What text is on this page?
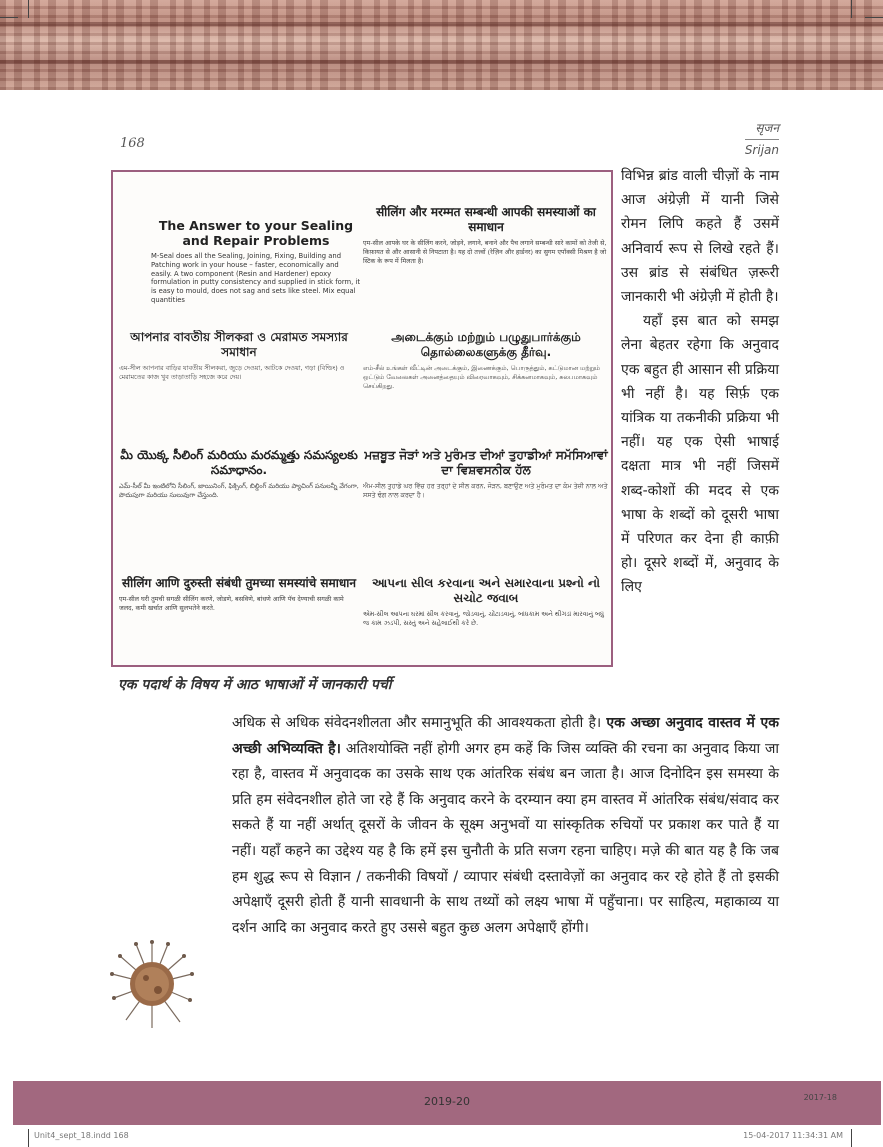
168
सृजन
Srijan
The Answer to your Sealing and Repair Problems
M-Seal does all the Sealing, Joining, Fixing, Building and Patching work in your house – faster, economically and easily. A two component (Resin and Hardener) epoxy formulation in putty consistency and supplied in stick form, it is easy to mould, does not sag and sets like steel. Mix equal quantities
सीलिंग और मरम्मत सम्बन्धी आपकी समस्याओं का समाधान
एम-सील आपके घर के सीलिंग करने, जोड़ने, लगाने, बनाने और पैच लगाने सम्बन्धी सारे कामों को तेजी से, किफ़ायत से और आसानी से निपटाता है। यह दो तत्त्वों (रेज़िन और हार्डनर) का सुगम एपॉक्सी मिश्रण है जो स्टिक के रूप में मिलता है।
আপনার বাবতীয় সীলকরা ও মেরামত সমস্যার সমাধান
এম-সীল আপনার বাড়ির যাবতীয় সীলকরা, জুড়ে দেওয়া, আটকে দেওয়া, গড়া (বিল্ডিং) ও মেরামতের কাজ খুব তাড়াতাড়ি সহজে করে দেয়।
அடைக்கும் மற்றும் பழுதுபார்க்கும் தொல்லைகளுக்கு தீர்வு.
எம்-சீல் உங்கள் வீட்டின் அடைக்கும், இணைக்கும், பொருத்தும், கட்டுமான மற்றும் ஒட்டும் வேலைகள் அனைத்தையும் விரைவாகவும், சிக்கனமாகவும், சுலபமாகவும் செய்கிறது.
మీ యొక్క సీలింగ్ మరియు మరమ్మత్తు సమస్యలకు సమాధానం.
ఎమ్-సీల్ మీ ఇంటిలోని సీలింగ్, జాయినింగ్, ఫిక్సింగ్, బిల్డింగ్ మరియు ప్యాచింగ్ పనులన్నీ వేగంగా, పొదుపుగా మరియు సులువుగా చేస్తుంది.
ਮਜ਼ਬੂਤ ਜੋੜਾਂ ਅਤੇ ਮੁਰੰਮਤ ਦੀਆਂ ਤੁਹਾਡੀਆਂ ਸਮੱਸਿਆਵਾਂ ਦਾ ਵਿਸ਼ਵਸਨੀਕ ਹੱਲ
ਐਮ-ਸੀਲ ਤੁਹਾਡੇ ਘਰ ਵਿੱਚ ਹਰ ਤਰ੍ਹਾਂ ਦੇ ਸੀਲ ਕਰਨ, ਜੋੜਨ, ਬਣਾਉਣ ਅਤੇ ਮੁਰੰਮਤ ਦਾ ਕੰਮ ਤੇਜ਼ੀ ਨਾਲ ਅਤੇ ਸਸਤੇ ਢੰਗ ਨਾਲ ਕਰਦਾ ਹੈ।
सीलिंग आणि दुरुस्ती संबंधी तुमच्या समस्यांचे समाधान
एम-सील घरी तुमची सगळी सीलिंग करणे, जोडणे, बसविणे, बांधणे आणि पॅच देण्याची सगळी कामे जलद, कमी खर्चात आणि सुलभतेने करते.
આપના સીલ કરવાના અને સમારવાના પ્રશ્નો નો સચોટ જવાબ
એમ-સીલ આપના ઘરમાં સીલ કરવાનું, જોડવાનું, ચોંટાડવાનું, બાંધકામ અને થીગડાં મારવાનું બધું જ કામ ઝડપી, સસ્તું અને સહેલાઈથી કરે છે.
एक पदार्थ के विषय में आठ भाषाओं में जानकारी पर्ची

विभिन्न ब्रांड वाली चीज़ों के नाम आज अंग्रेज़ी में यानी जिसे रोमन लिपि कहते हैं उसमें अनिवार्य रूप से लिखे रहते हैं। उस ब्रांड से संबंधित ज़रूरी जानकारी भी अंग्रेज़ी में होती है।

यहाँ इस बात को समझ लेना बेहतर रहेगा कि अनुवाद एक बहुत ही आसान सी प्रक्रिया भी नहीं है। यह सिर्फ़ एक यांत्रिक या तकनीकी प्रक्रिया भी नहीं। यह एक ऐसी भाषाई दक्षता मात्र भी नहीं जिसमें शब्द-कोशों की मदद से एक भाषा के शब्दों को दूसरी भाषा में परिणत कर देना ही काफ़ी हो। दूसरे शब्दों में, अनुवाद के लिए

अधिक से अधिक संवेदनशीलता और समानुभूति की आवश्यकता होती है। एक अच्छा अनुवाद वास्तव में एक अच्छी अभिव्यक्ति है। अतिशयोक्ति नहीं होगी अगर हम कहें कि जिस व्यक्ति की रचना का अनुवाद किया जा रहा है, वास्तव में अनुवादक का उसके साथ एक आंतरिक संबंध बन जाता है। आज दिनोदिन इस समस्या के प्रति हम संवेदनशील होते जा रहे हैं कि अनुवाद करने के दरम्यान क्या हम वास्तव में आंतरिक संबंध/संवाद कर सकते हैं या नहीं अर्थात् दूसरों के जीवन के सूक्ष्म अनुभवों या सांस्कृतिक रुचियों पर प्रकाश कर पाते हैं या नहीं। यहाँ कहने का उद्देश्य यह है कि हमें इस चुनौती के प्रति सजग रहना चाहिए। मज़े की बात यह है कि जब हम शुद्ध रूप से विज्ञान / तकनीकी विषयों / व्यापार संबंधी दस्तावेज़ों का अनुवाद कर रहे होते हैं तो इसकी अपेक्षाएँ दूसरी होती हैं यानी सावधानी के साथ तथ्यों को लक्ष्य भाषा में पहुँचाना। पर साहित्य, महाकाव्य या दर्शन आदि का अनुवाद करते हुए उससे बहुत कुछ अलग अपेक्षाएँ होंगी।

2019-20	2017-18
Unit4_sept_18.indd 168	15-04-2017 11:34:31 AM
